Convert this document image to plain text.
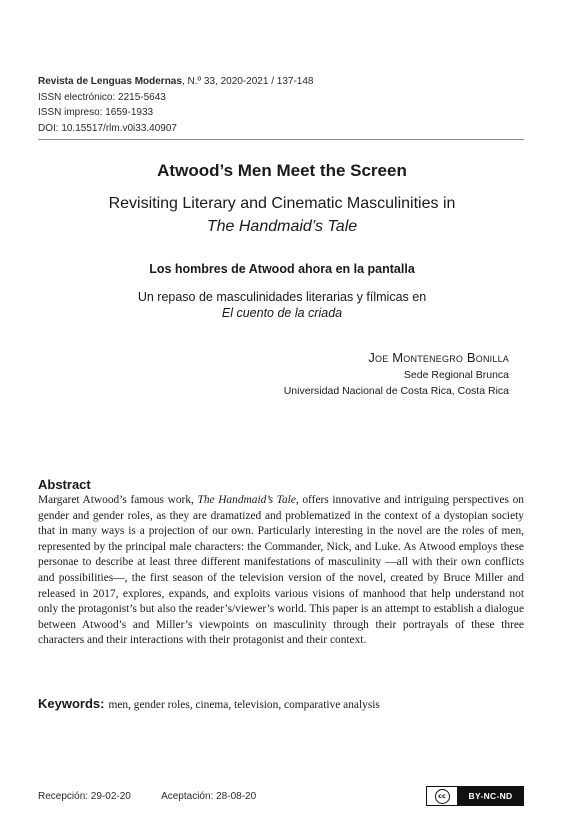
Revista de Lenguas Modernas, N.º 33, 2020-2021 / 137-148
ISSN electrónico: 2215-5643
ISSN impreso: 1659-1933
DOI: 10.15517/rlm.v0i33.40907
Atwood’s Men Meet the Screen
Revisiting Literary and Cinematic Masculinities in
The Handmaid’s Tale
Los hombres de Atwood ahora en la pantalla
Un repaso de masculinidades literarias y fílmicas en
El cuento de la criada
Joe Montenegro Bonilla
Sede Regional Brunca
Universidad Nacional de Costa Rica, Costa Rica
Abstract
Margaret Atwood’s famous work, The Handmaid’s Tale, offers innovative and intriguing perspectives on gender and gender roles, as they are dramatized and problematized in the context of a dystopian society that in many ways is a projection of our own. Particularly interesting in the novel are the roles of men, represented by the principal male characters: the Commander, Nick, and Luke. As Atwood employs these personae to describe at least three different manifestations of masculinity —all with their own conflicts and possibilities—, the first season of the television version of the novel, created by Bruce Miller and released in 2017, explores, expands, and exploits various visions of manhood that help understand not only the protagonist’s but also the reader’s/viewer’s world. This paper is an attempt to establish a dialogue between Atwood’s and Miller’s viewpoints on masculinity through their portrayals of these three characters and their interactions with their protagonist and their context.
Keywords: men, gender roles, cinema, television, comparative analysis
Recepción: 29-02-20	Aceptación: 28-08-20	cc	BY-NC-ND
